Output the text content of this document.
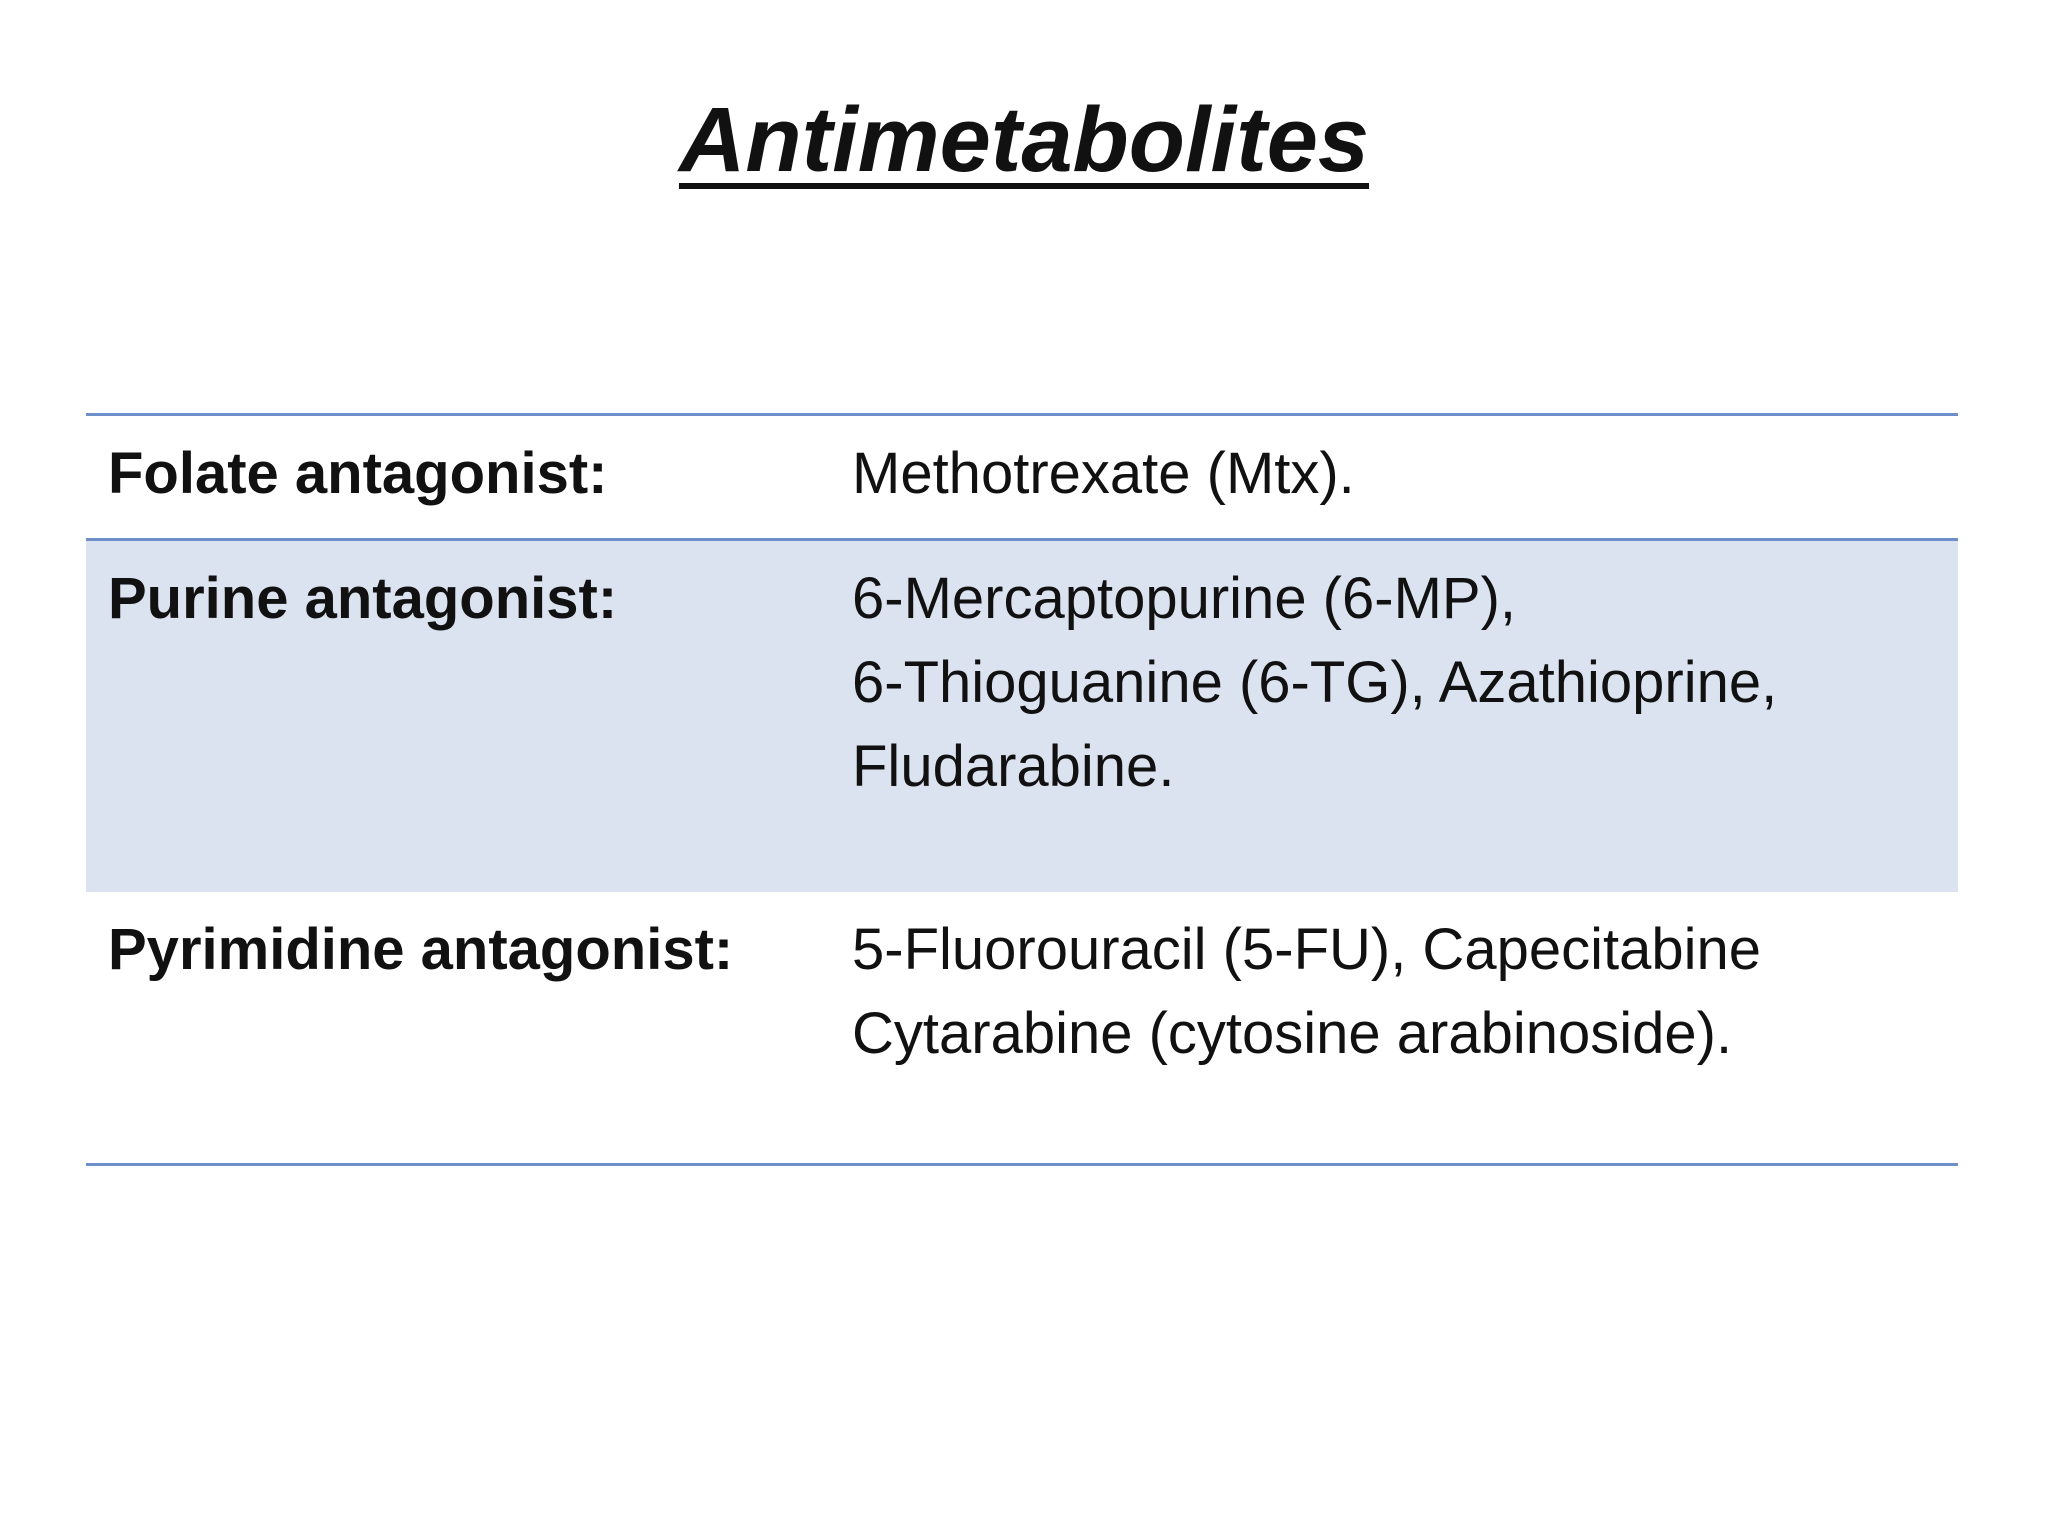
Antimetabolites
Folate antagonist:	Methotrexate (Mtx).
Purine antagonist:	6-Mercaptopurine (6-MP),
6-Thioguanine (6-TG), Azathioprine,
Fludarabine.
Pyrimidine antagonist:	5-Fluorouracil (5-FU), Capecitabine
Cytarabine (cytosine arabinoside).
